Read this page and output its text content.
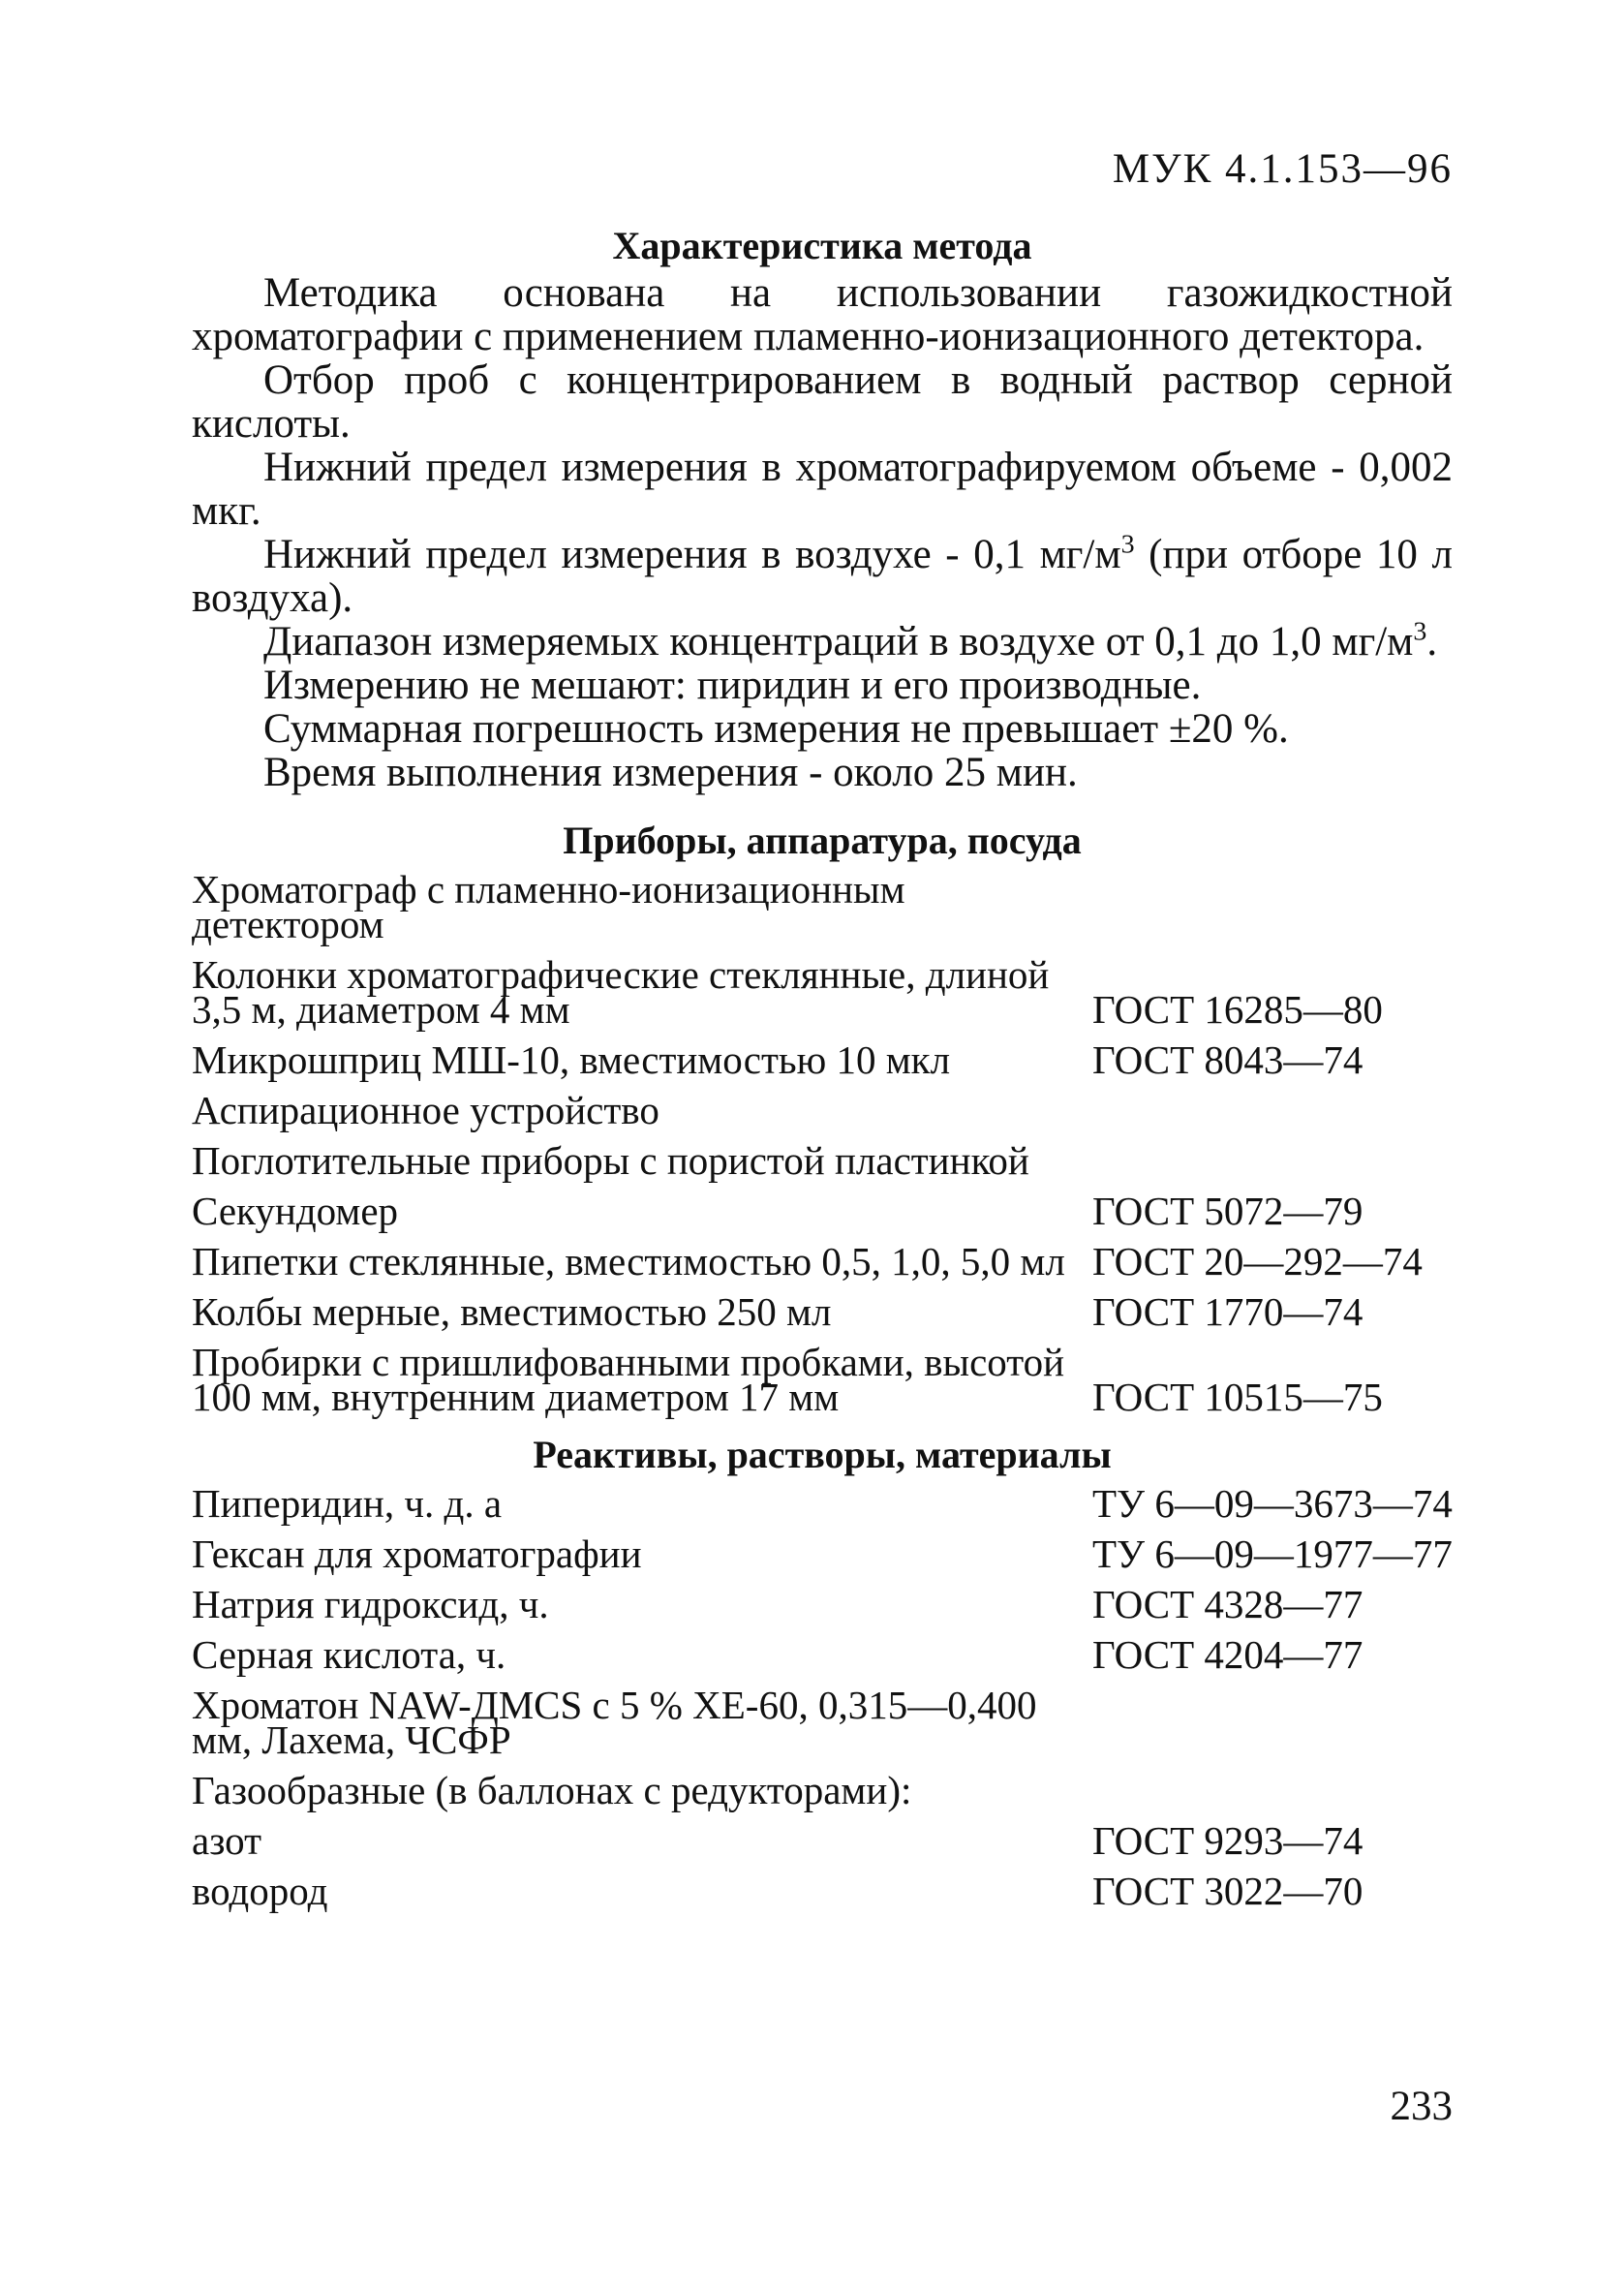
МУК 4.1.153—96
Характеристика метода

Методика основана на использовании газожидкостной хроматографии с применением пламенно-ионизационного детектора.

Отбор проб с концентрированием в водный раствор серной кислоты.

Нижний предел измерения в хроматографируемом объеме - 0,002 мкг.

Нижний предел измерения в воздухе - 0,1 $мг/м^3$ (при отборе 10 л воздуха).

Диапазон измеряемых концентраций в воздухе от 0,1 до 1,0 $мг/м^3$.

Измерению не мешают: пиридин и его производные.

Суммарная погрешность измерения не превышает ±20 %.

Время выполнения измерения - около 25 мин.

Приборы, аппаратура, посуда
Хроматограф с пламенно-ионизационным детектором
Колонки хроматографические стеклянные, длиной 3,5 м, диаметром 4 мм	ГОСТ 16285—80
Микрошприц МШ-10, вместимостью 10 мкл	ГОСТ 8043—74
Аспирационное устройство
Поглотительные приборы с пористой пластинкой
Секундомер	ГОСТ 5072—79
Пипетки стеклянные, вместимостью 0,5, 1,0, 5,0 мл ГОСТ 20—292—74
Колбы мерные, вместимостью 250 мл	ГОСТ 1770—74
Пробирки с пришлифованными пробками, высотой 100 мм, внутренним диаметром 17 мм	ГОСТ 10515—75
Реактивы, растворы, материалы
Пиперидин, ч. д. а	ТУ 6—09—3673—74
Гексан для хроматографии	ТУ 6—09—1977—77
Натрия гидроксид, ч.	ГОСТ 4328—77
Серная кислота, ч.	ГОСТ 4204—77
Хроматон NAW-ДМCS с 5 % XE-60, 0,315—0,400 мм, Лахема, ЧСФР
Газообразные (в баллонах с редукторами):
азот	ГОСТ 9293—74
водород	ГОСТ 3022—70
233
